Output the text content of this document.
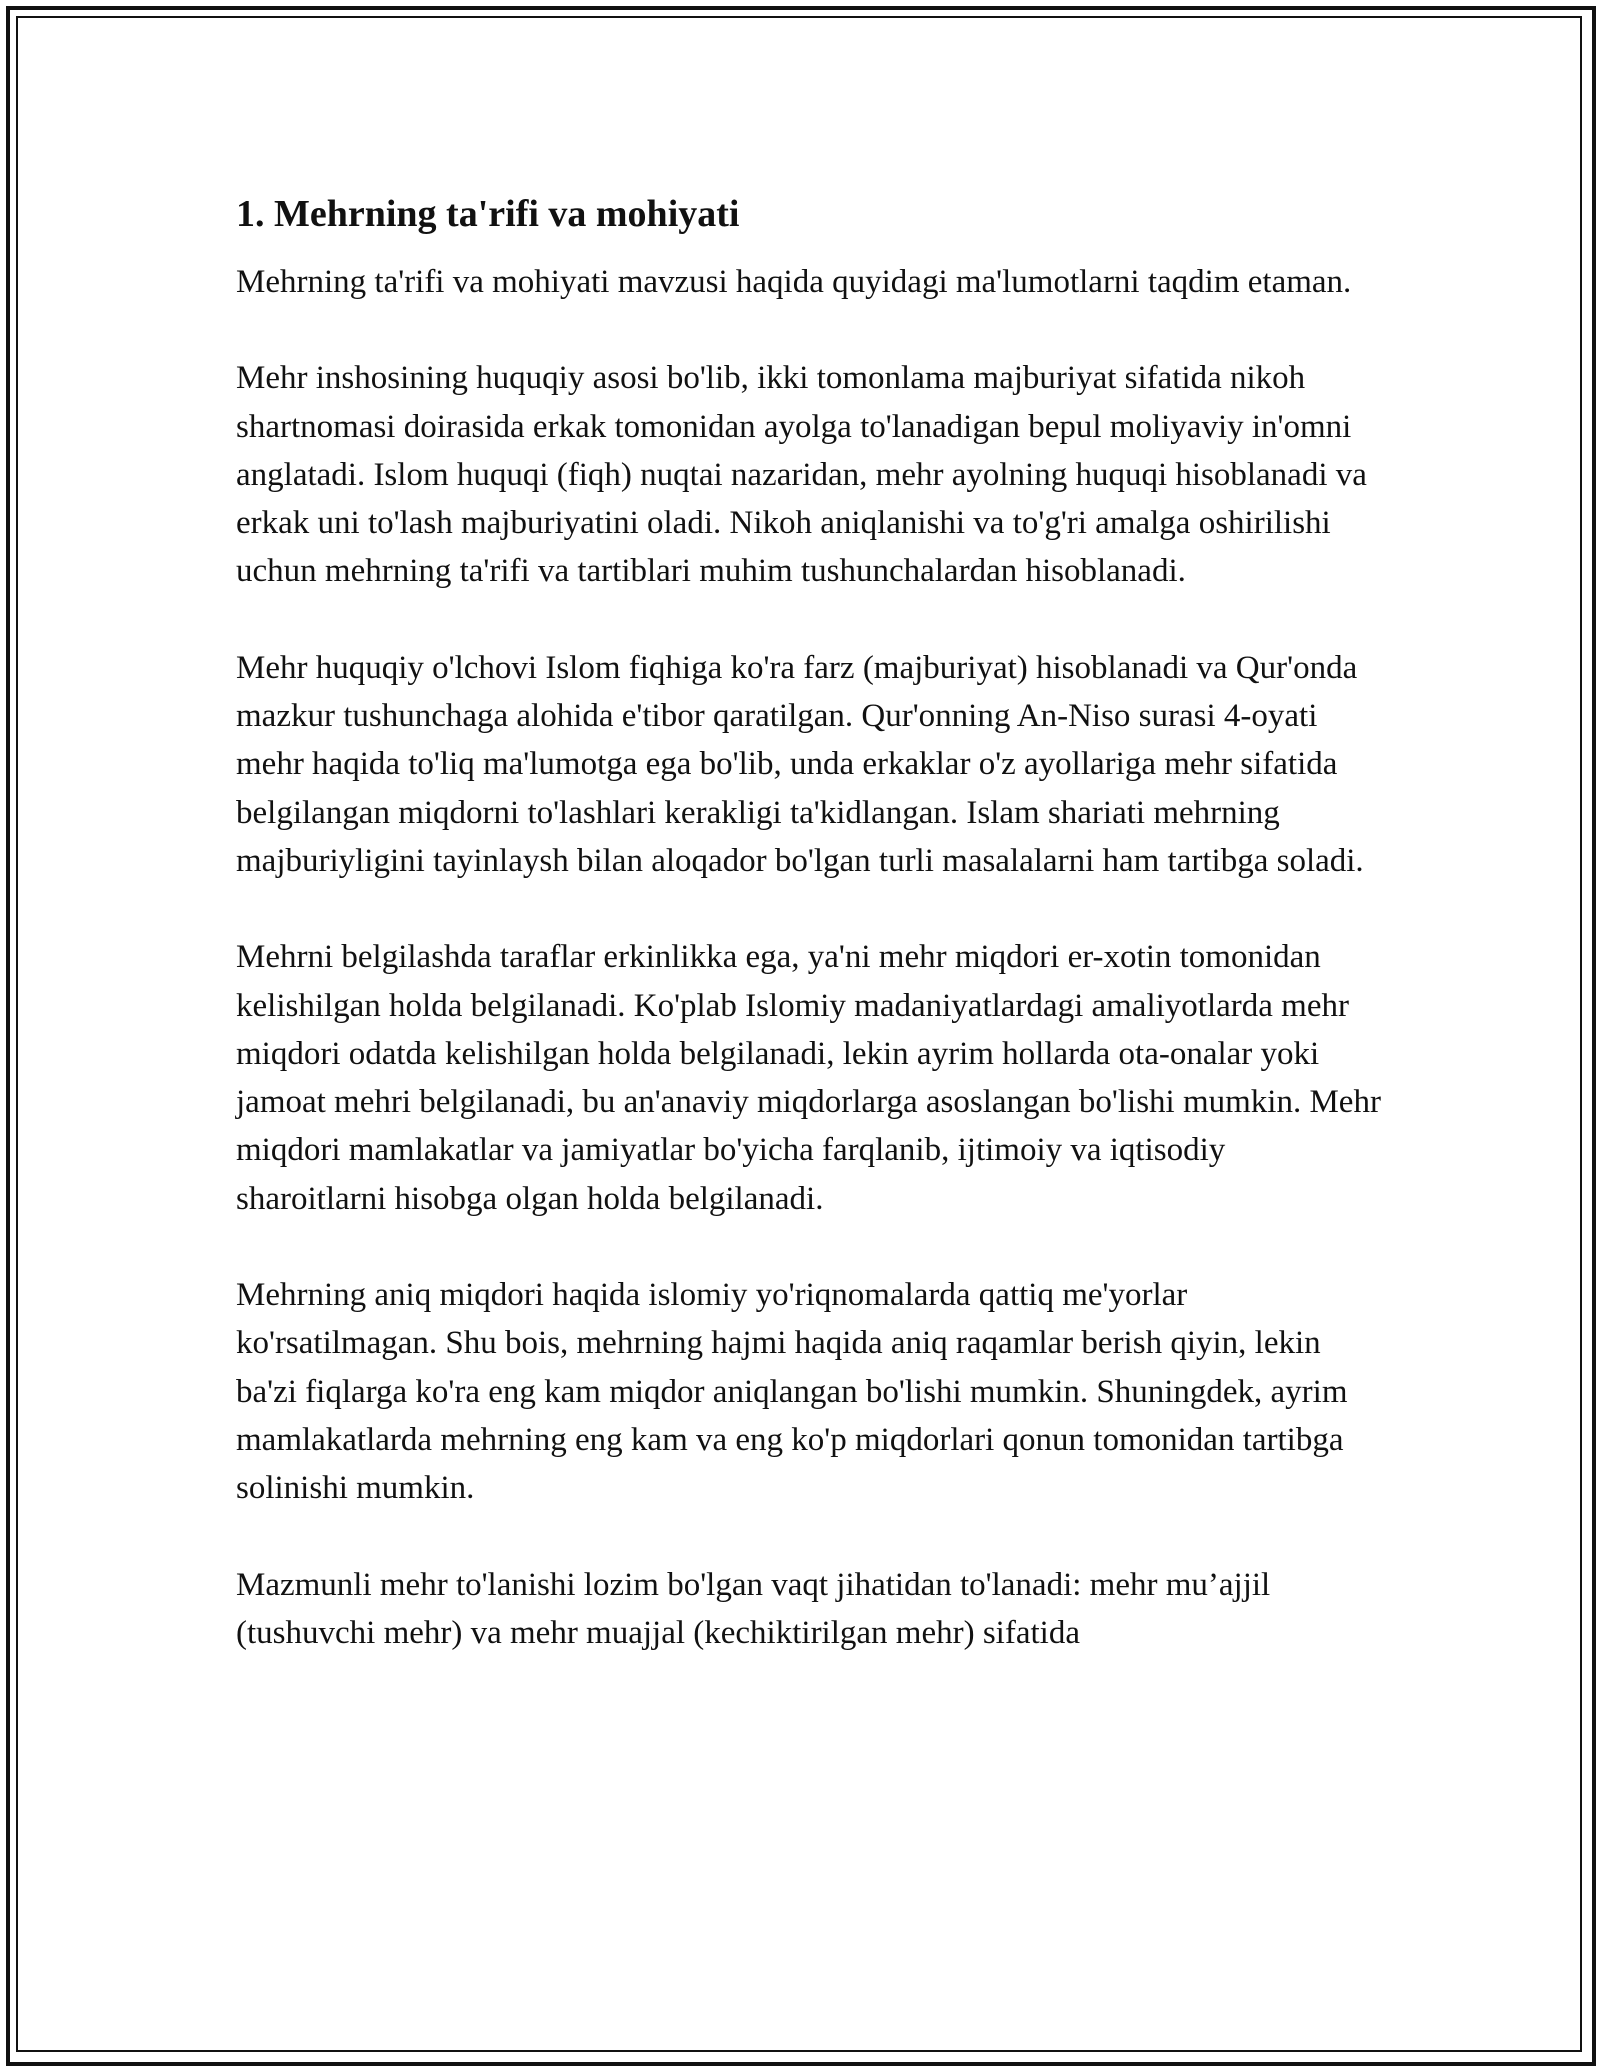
1. Mehrning ta'rifi va mohiyati

Mehrning ta'rifi va mohiyati mavzusi haqida quyidagi ma'lumotlarni taqdim etaman.

Mehr inshosining huquqiy asosi bo'lib, ikki tomonlama majburiyat sifatida nikoh shartnomasi doirasida erkak tomonidan ayolga to'lanadigan bepul moliyaviy in'omni anglatadi. Islom huquqi (fiqh) nuqtai nazaridan, mehr ayolning huquqi hisoblanadi va erkak uni to'lash majburiyatini oladi. Nikoh aniqlanishi va to'g'ri amalga oshirilishi uchun mehrning ta'rifi va tartiblari muhim tushunchalardan hisoblanadi.

Mehr huquqiy o'lchovi Islom fiqhiga ko'ra farz (majburiyat) hisoblanadi va Qur'onda mazkur tushunchaga alohida e'tibor qaratilgan. Qur'onning An-Niso surasi 4-oyati mehr haqida to'liq ma'lumotga ega bo'lib, unda erkaklar o'z ayollariga mehr sifatida belgilangan miqdorni to'lashlari kerakligi ta'kidlangan. Islam shariati mehrning majburiyligini tayinlaysh bilan aloqador bo'lgan turli masalalarni ham tartibga soladi.

Mehrni belgilashda taraflar erkinlikka ega, ya'ni mehr miqdori er-xotin tomonidan kelishilgan holda belgilanadi. Ko'plab Islomiy madaniyatlardagi amaliyotlarda mehr miqdori odatda kelishilgan holda belgilanadi, lekin ayrim hollarda ota-onalar yoki jamoat mehri belgilanadi, bu an'anaviy miqdorlarga asoslangan bo'lishi mumkin. Mehr miqdori mamlakatlar va jamiyatlar bo'yicha farqlanib, ijtimoiy va iqtisodiy sharoitlarni hisobga olgan holda belgilanadi.

Mehrning aniq miqdori haqida islomiy yo'riqnomalarda qattiq me'yorlar ko'rsatilmagan. Shu bois, mehrning hajmi haqida aniq raqamlar berish qiyin, lekin ba'zi fiqlarga ko'ra eng kam miqdor aniqlangan bo'lishi mumkin. Shuningdek, ayrim mamlakatlarda mehrning eng kam va eng ko'p miqdorlari qonun tomonidan tartibga solinishi mumkin.

Mazmunli mehr to'lanishi lozim bo'lgan vaqt jihatidan to'lanadi: mehr mu’ajjil (tushuvchi mehr) va mehr muajjal (kechiktirilgan mehr) sifatida
